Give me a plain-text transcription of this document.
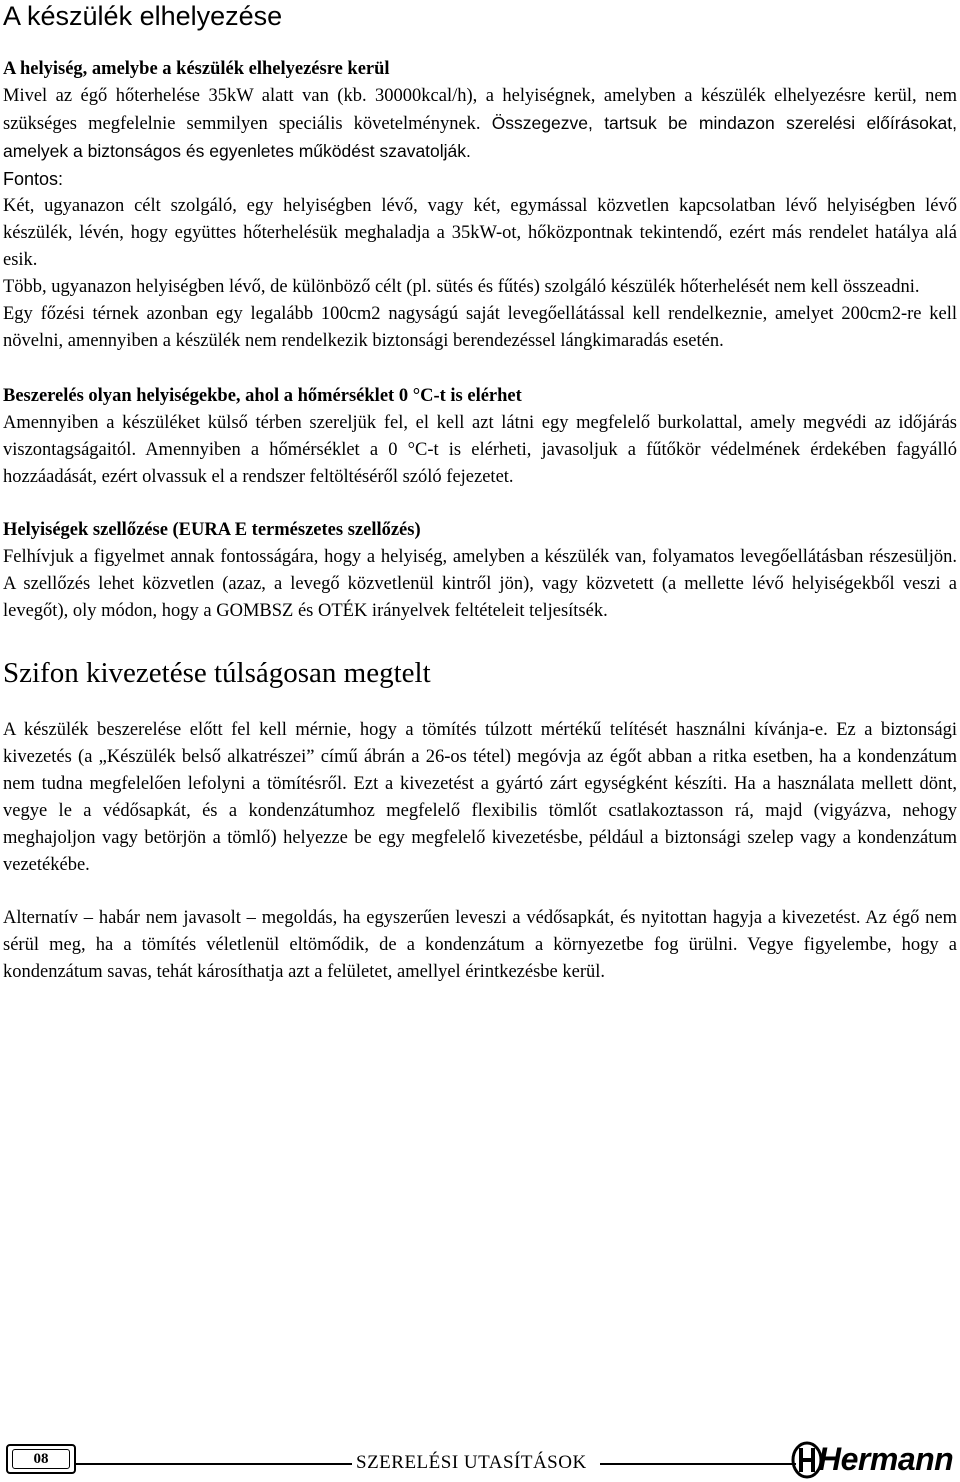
A készülék elhelyezése
A helyiség, amelybe a készülék elhelyezésre kerül

Mivel az égő hőterhelése 35kW alatt van (kb. 30000kcal/h), a helyiségnek, amelyben a készülék elhelyezésre kerül, nem szükséges megfelelnie semmilyen speciális követelménynek. Összegezve, tartsuk be mindazon szerelési előírásokat, amelyek a biztonságos és egyenletes működést szavatolják.

Fontos:

Két, ugyanazon célt szolgáló, egy helyiségben lévő, vagy két, egymással közvetlen kapcsolatban lévő helyiségben lévő készülék, lévén, hogy együttes hőterhelésük meghaladja a 35kW-ot, hőközpontnak tekintendő, ezért más rendelet hatálya alá esik.

Több, ugyanazon helyiségben lévő, de különböző célt (pl. sütés és fűtés) szolgáló készülék hőterhelését nem kell összeadni.

Egy főzési térnek azonban egy legalább 100cm2 nagyságú saját levegőellátással kell rendelkeznie, amelyet 200cm2-re kell növelni, amennyiben a készülék nem rendelkezik biztonsági berendezéssel lángkimaradás esetén.

Beszerelés olyan helyiségekbe, ahol a hőmérséklet 0 °C-t is elérhet

Amennyiben a készüléket külső térben szereljük fel, el kell azt látni egy megfelelő burkolattal, amely megvédi az időjárás viszontagságaitól. Amennyiben a hőmérséklet a 0 °C-t is elérheti, javasoljuk a fűtőkör védelmének érdekében fagyálló hozzáadását, ezért olvassuk el a rendszer feltöltéséről szóló fejezetet.

Helyiségek szellőzése (EURA E természetes szellőzés)

Felhívjuk a figyelmet annak fontosságára, hogy a helyiség, amelyben a készülék van, folyamatos levegőellátásban részesüljön. A szellőzés lehet közvetlen (azaz, a levegő közvetlenül kintről jön), vagy közvetett (a mellette lévő helyiségekből veszi a levegőt), oly módon, hogy a GOMBSZ és OTÉK irányelvek feltételeit teljesítsék.

Szifon kivezetése túlságosan megtelt

A készülék beszerelése előtt fel kell mérnie, hogy a tömítés túlzott mértékű telítését használni kívánja-e. Ez a biztonsági kivezetés (a „Készülék belső alkatrészei” című ábrán a 26-os tétel) megóvja az égőt abban a ritka esetben, ha a kondenzátum nem tudna megfelelően lefolyni a tömítésről. Ezt a kivezetést a gyártó zárt egységként készíti. Ha a használata mellett dönt, vegye le a védősapkát, és a kondenzátumhoz megfelelő flexibilis tömlőt csatlakoztasson rá, majd (vigyázva, nehogy meghajoljon vagy betörjön a tömlő) helyezze be egy megfelelő kivezetésbe, például a biztonsági szelep vagy a kondenzátum vezetékébe.

Alternatív – habár nem javasolt – megoldás, ha egyszerűen leveszi a védősapkát, és nyitottan hagyja a kivezetést. Az égő nem sérül meg, ha a tömítés véletlenül eltömődik, de a kondenzátum a környezetbe fog ürülni. Vegye figyelembe, hogy a kondenzátum savas, tehát károsíthatja azt a felületet, amellyel érintkezésbe kerül.

08	SZERELÉSI UTASÍTÁSOK	Hermann
